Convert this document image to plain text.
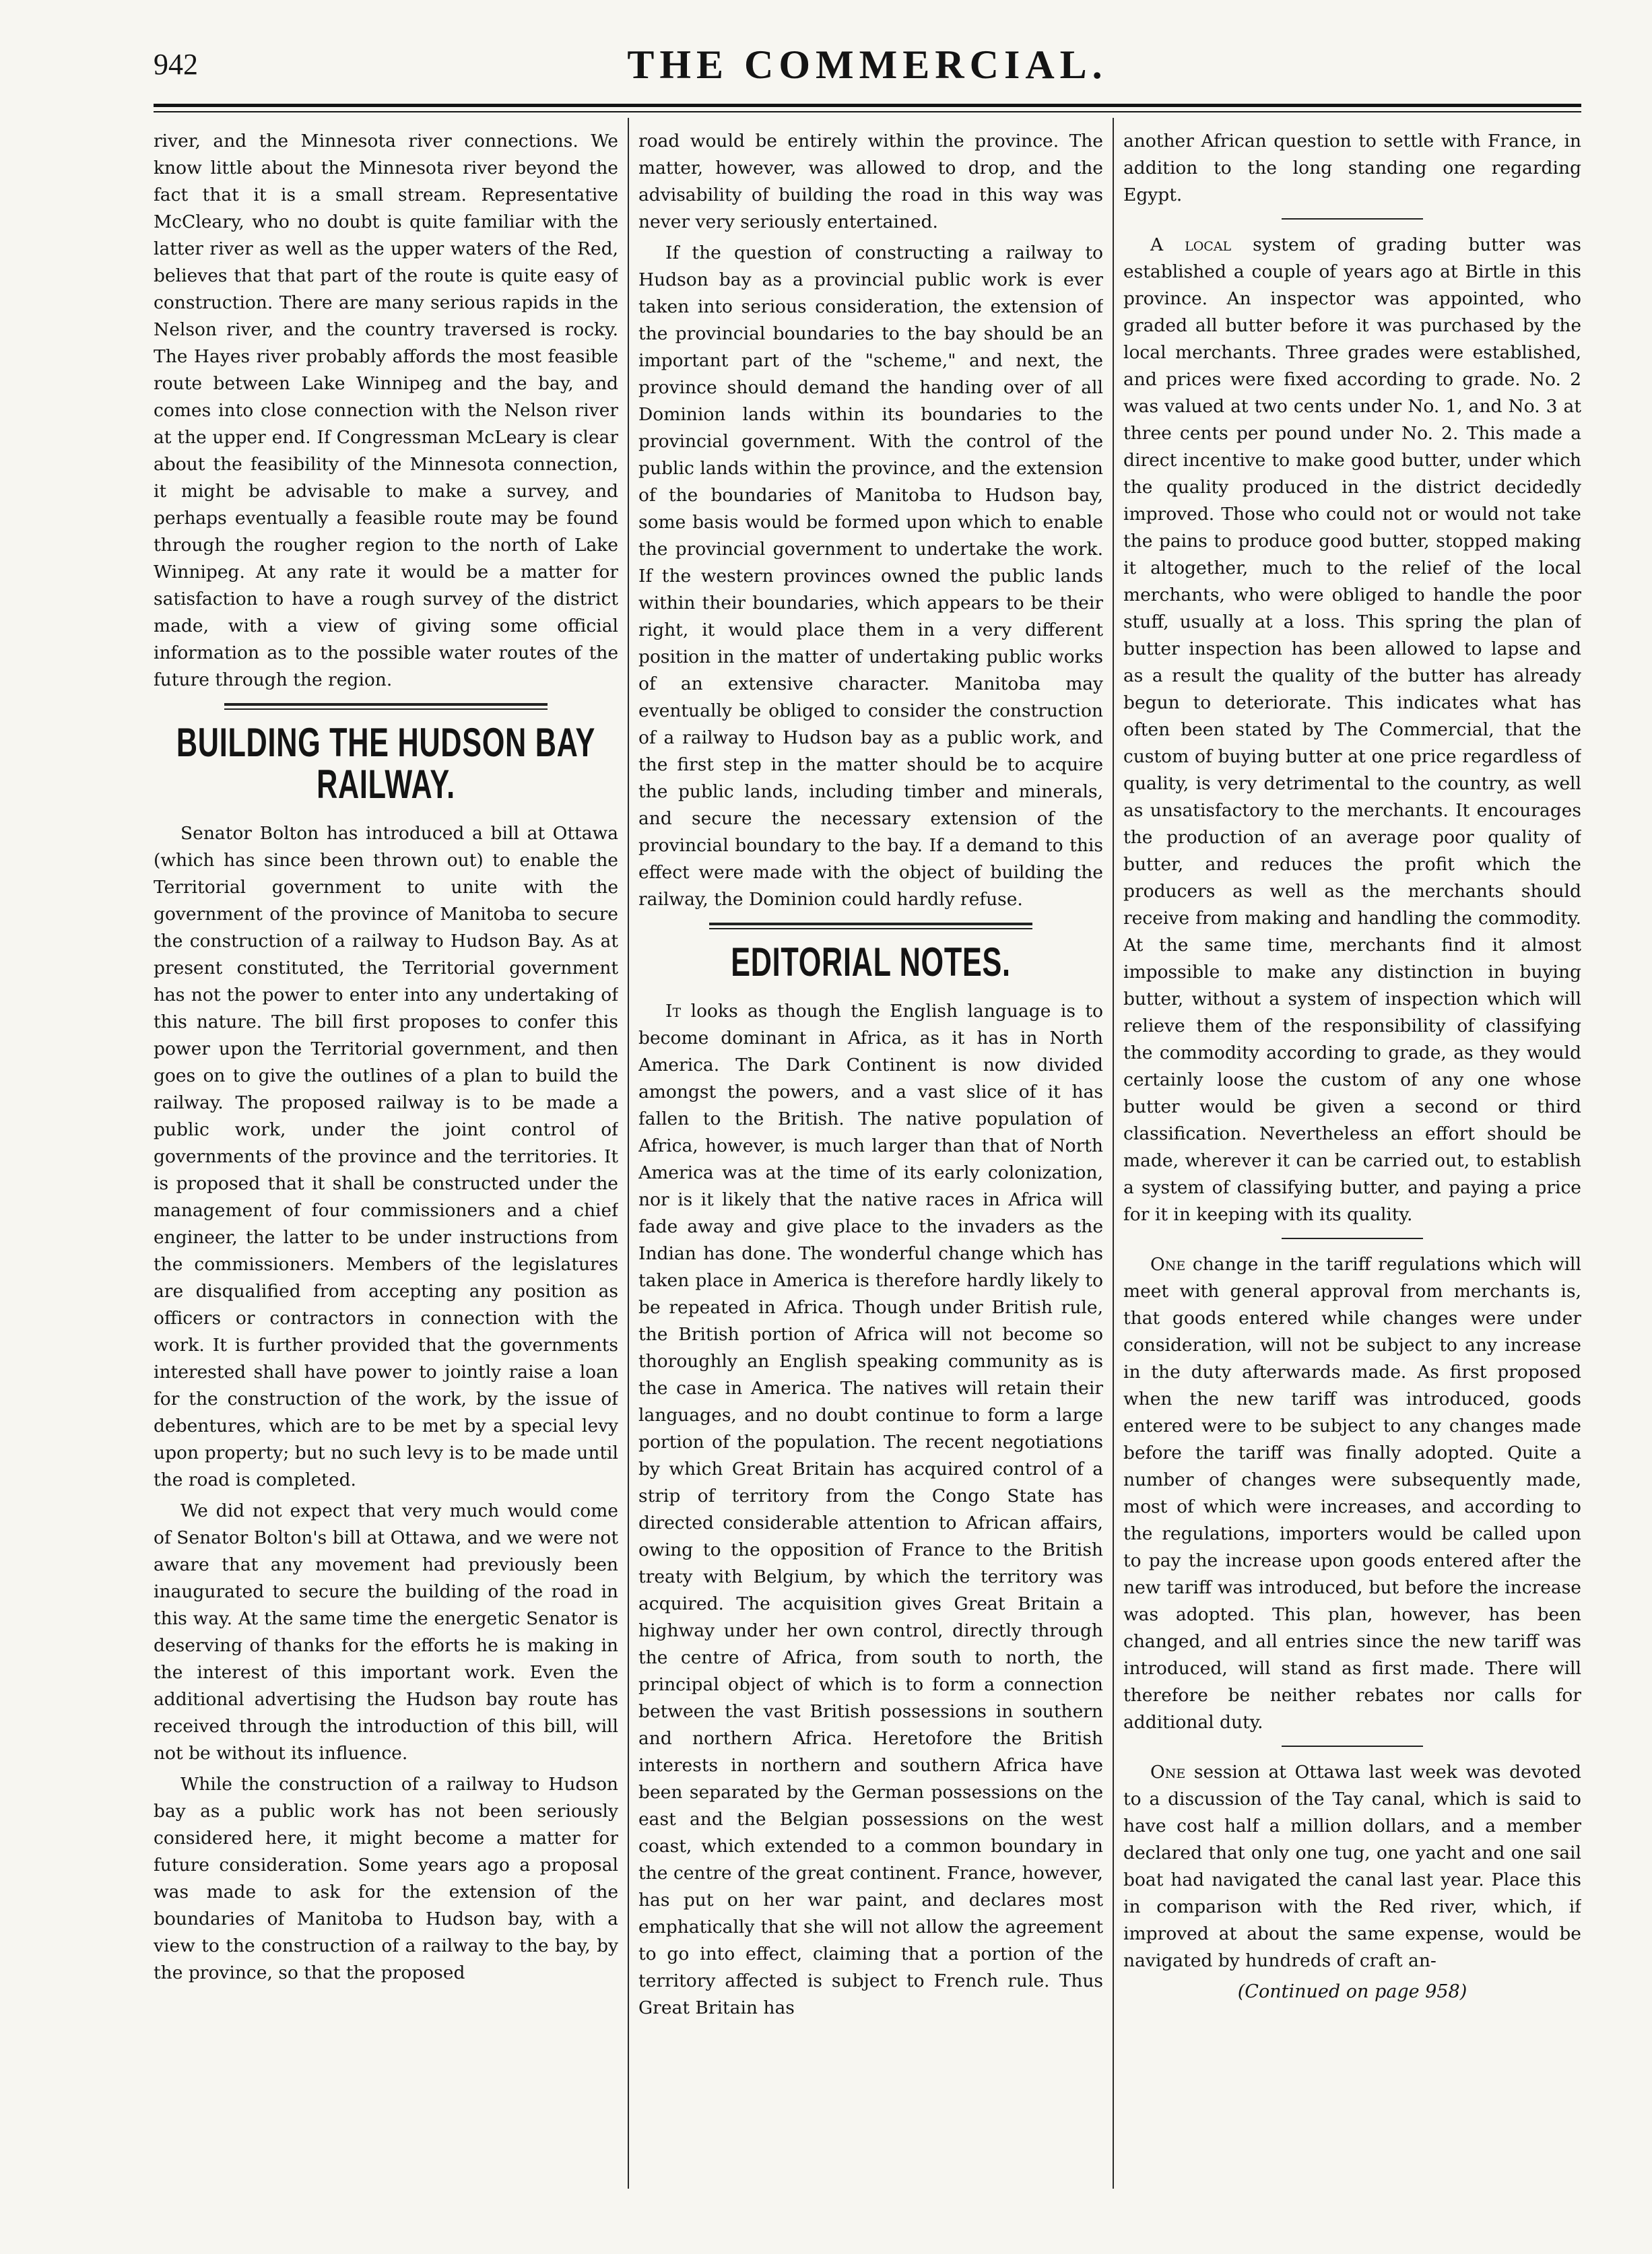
942	THE COMMERCIAL.

river, and the Minnesota river connections. We know little about the Minnesota river beyond the fact that it is a small stream. Representative McCleary, who no doubt is quite familiar with the latter river as well as the upper waters of the Red, believes that that part of the route is quite easy of construction. There are many serious rapids in the Nelson river, and the country traversed is rocky. The Hayes river probably affords the most feasible route between Lake Winnipeg and the bay, and comes into close connection with the Nelson river at the upper end. If Congressman McLeary is clear about the feasibility of the Minnesota connection, it might be advisable to make a survey, and perhaps eventually a feasible route may be found through the rougher region to the north of Lake Winnipeg. At any rate it would be a matter for satisfaction to have a rough survey of the district made, with a view of giving some official information as to the possible water routes of the future through the region.

BUILDING THE HUDSON BAY RAILWAY.

Senator Bolton has introduced a bill at Ottawa (which has since been thrown out) to enable the Territorial government to unite with the government of the province of Manitoba to secure the construction of a railway to Hudson Bay. As at present constituted, the Territorial government has not the power to enter into any undertaking of this nature. The bill first proposes to confer this power upon the Territorial government, and then goes on to give the outlines of a plan to build the railway. The proposed railway is to be made a public work, under the joint control of governments of the province and the territories. It is proposed that it shall be constructed under the management of four commissioners and a chief engineer, the latter to be under instructions from the commissioners. Members of the legislatures are disqualified from accepting any position as officers or contractors in connection with the work. It is further provided that the governments interested shall have power to jointly raise a loan for the construction of the work, by the issue of debentures, which are to be met by a special levy upon property; but no such levy is to be made until the road is completed.

We did not expect that very much would come of Senator Bolton's bill at Ottawa, and we were not aware that any movement had previously been inaugurated to secure the building of the road in this way. At the same time the energetic Senator is deserving of thanks for the efforts he is making in the interest of this important work. Even the additional advertising the Hudson bay route has received through the introduction of this bill, will not be without its influence.

While the construction of a railway to Hudson bay as a public work has not been seriously considered here, it might become a matter for future consideration. Some years ago a proposal was made to ask for the extension of the boundaries of Manitoba to Hudson bay, with a view to the construction of a railway to the bay, by the province, so that the proposed

road would be entirely within the province. The matter, however, was allowed to drop, and the advisability of building the road in this way was never very seriously entertained.

If the question of constructing a railway to Hudson bay as a provincial public work is ever taken into serious consideration, the extension of the provincial boundaries to the bay should be an important part of the "scheme," and next, the province should demand the handing over of all Dominion lands within its boundaries to the provincial government. With the control of the public lands within the province, and the extension of the boundaries of Manitoba to Hudson bay, some basis would be formed upon which to enable the provincial government to undertake the work. If the western provinces owned the public lands within their boundaries, which appears to be their right, it would place them in a very different position in the matter of undertaking public works of an extensive character. Manitoba may eventually be obliged to consider the construction of a railway to Hudson bay as a public work, and the first step in the matter should be to acquire the public lands, including timber and minerals, and secure the necessary extension of the provincial boundary to the bay. If a demand to this effect were made with the object of building the railway, the Dominion could hardly refuse.

EDITORIAL NOTES.

It looks as though the English language is to become dominant in Africa, as it has in North America. The Dark Continent is now divided amongst the powers, and a vast slice of it has fallen to the British. The native population of Africa, however, is much larger than that of North America was at the time of its early colonization, nor is it likely that the native races in Africa will fade away and give place to the invaders as the Indian has done. The wonderful change which has taken place in America is therefore hardly likely to be repeated in Africa. Though under British rule, the British portion of Africa will not become so thoroughly an English speaking community as is the case in America. The natives will retain their languages, and no doubt continue to form a large portion of the population. The recent negotiations by which Great Britain has acquired control of a strip of territory from the Congo State has directed considerable attention to African affairs, owing to the opposition of France to the British treaty with Belgium, by which the territory was acquired. The acquisition gives Great Britain a highway under her own control, directly through the centre of Africa, from south to north, the principal object of which is to form a connection between the vast British possessions in southern and northern Africa. Heretofore the British interests in northern and southern Africa have been separated by the German possessions on the east and the Belgian possessions on the west coast, which extended to a common boundary in the centre of the great continent. France, however, has put on her war paint, and declares most emphatically that she will not allow the agreement to go into effect, claiming that a portion of the territory affected is subject to French rule. Thus Great Britain has

another African question to settle with France, in addition to the long standing one regarding Egypt.

A local system of grading butter was established a couple of years ago at Birtle in this province. An inspector was appointed, who graded all butter before it was purchased by the local merchants. Three grades were established, and prices were fixed according to grade. No. 2 was valued at two cents under No. 1, and No. 3 at three cents per pound under No. 2. This made a direct incentive to make good butter, under which the quality produced in the district decidedly improved. Those who could not or would not take the pains to produce good butter, stopped making it altogether, much to the relief of the local merchants, who were obliged to handle the poor stuff, usually at a loss. This spring the plan of butter inspection has been allowed to lapse and as a result the quality of the butter has already begun to deteriorate. This indicates what has often been stated by The Commercial, that the custom of buying butter at one price regardless of quality, is very detrimental to the country, as well as unsatisfactory to the merchants. It encourages the production of an average poor quality of butter, and reduces the profit which the producers as well as the merchants should receive from making and handling the commodity. At the same time, merchants find it almost impossible to make any distinction in buying butter, without a system of inspection which will relieve them of the responsibility of classifying the commodity according to grade, as they would certainly loose the custom of any one whose butter would be given a second or third classification. Nevertheless an effort should be made, wherever it can be carried out, to establish a system of classifying butter, and paying a price for it in keeping with its quality.

One change in the tariff regulations which will meet with general approval from merchants is, that goods entered while changes were under consideration, will not be subject to any increase in the duty afterwards made. As first proposed when the new tariff was introduced, goods entered were to be subject to any changes made before the tariff was finally adopted. Quite a number of changes were subsequently made, most of which were increases, and according to the regulations, importers would be called upon to pay the increase upon goods entered after the new tariff was introduced, but before the increase was adopted. This plan, however, has been changed, and all entries since the new tariff was introduced, will stand as first made. There will therefore be neither rebates nor calls for additional duty.

One session at Ottawa last week was devoted to a discussion of the Tay canal, which is said to have cost half a million dollars, and a member declared that only one tug, one yacht and one sail boat had navigated the canal last year. Place this in comparison with the Red river, which, if improved at about the same expense, would be navigated by hundreds of craft an-

(Continued on page 958)
